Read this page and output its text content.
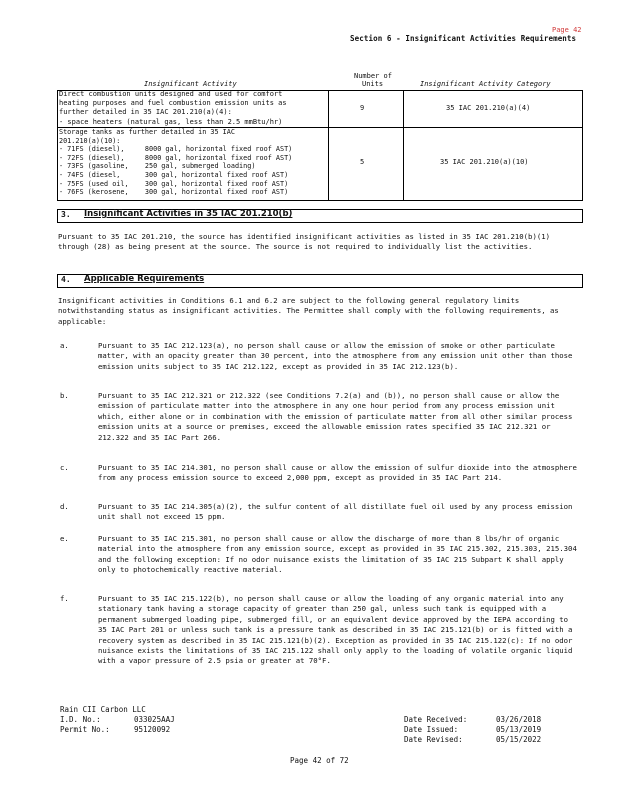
Page 42
Section 6 - Insignificant Activities Requirements
Number of
Insignificant Activity	Units	Insignificant Activity Category
Direct combustion units designed and used for comfort
heating purposes and fuel combustion emission units as
further detailed in 35 IAC 201.210(a)(4):
- space heaters (natural gas, less than 2.5 mmBtu/hr)
9	35 IAC 201.210(a)(4)
Storage tanks as further detailed in 35 IAC
201.210(a)(10):
- 71FS (diesel),     8000 gal, horizontal fixed roof AST)
- 72FS (diesel),     8000 gal, horizontal fixed roof AST)
- 73FS (gasoline,    250 gal, submerged loading)
- 74FS (diesel,      300 gal, horizontal fixed roof AST)
- 75FS (used oil,    300 gal, horizontal fixed roof AST)
- 76FS (kerosene,    300 gal, horizontal fixed roof AST)
5	35 IAC 201.210(a)(10)
3. Insignificant Activities in 35 IAC 201.210(b)
Pursuant to 35 IAC 201.210, the source has identified insignificant activities as listed in 35 IAC 201.210(b)(1) through (28) as being present at the source. The source is not required to individually list the activities.
4. Applicable Requirements
Insignificant activities in Conditions 6.1 and 6.2 are subject to the following general regulatory limits notwithstanding status as insignificant activities. The Permittee shall comply with the following requirements, as applicable:
a.	Pursuant to 35 IAC 212.123(a), no person shall cause or allow the emission of smoke or other particulate matter, with an opacity greater than 30 percent, into the atmosphere from any emission unit other than those emission units subject to 35 IAC 212.122, except as provided in 35 IAC 212.123(b).
b.	Pursuant to 35 IAC 212.321 or 212.322 (see Conditions 7.2(a) and (b)), no person shall cause or allow the emission of particulate matter into the atmosphere in any one hour period from any process emission unit which, either alone or in combination with the emission of particulate matter from all other similar process emission units at a source or premises, exceed the allowable emission rates specified 35 IAC 212.321 or 212.322 and 35 IAC Part 266.
c.	Pursuant to 35 IAC 214.301, no person shall cause or allow the emission of sulfur dioxide into the atmosphere from any process emission source to exceed 2,000 ppm, except as provided in 35 IAC Part 214.
d.	Pursuant to 35 IAC 214.305(a)(2), the sulfur content of all distillate fuel oil used by any process emission unit shall not exceed 15 ppm.
e.	Pursuant to 35 IAC 215.301, no person shall cause or allow the discharge of more than 8 lbs/hr of organic material into the atmosphere from any emission source, except as provided in 35 IAC 215.302, 215.303, 215.304 and the following exception: If no odor nuisance exists the limitation of 35 IAC 215 Subpart K shall apply only to photochemically reactive material.
f.	Pursuant to 35 IAC 215.122(b), no person shall cause or allow the loading of any organic material into any stationary tank having a storage capacity of greater than 250 gal, unless such tank is equipped with a permanent submerged loading pipe, submerged fill, or an equivalent device approved by the IEPA according to 35 IAC Part 201 or unless such tank is a pressure tank as described in 35 IAC 215.121(b) or is fitted with a recovery system as described in 35 IAC 215.121(b)(2). Exception as provided in 35 IAC 215.122(c): If no odor nuisance exists the limitations of 35 IAC 215.122 shall only apply to the loading of volatile organic liquid with a vapor pressure of 2.5 psia or greater at 70°F.
Rain CII Carbon LLC
I.D. No.:	033025AAJ
Permit No.:	95120092
Date Received:	03/26/2018
Date Issued:	05/13/2019
Date Revised:	05/15/2022
Page 42 of 72
